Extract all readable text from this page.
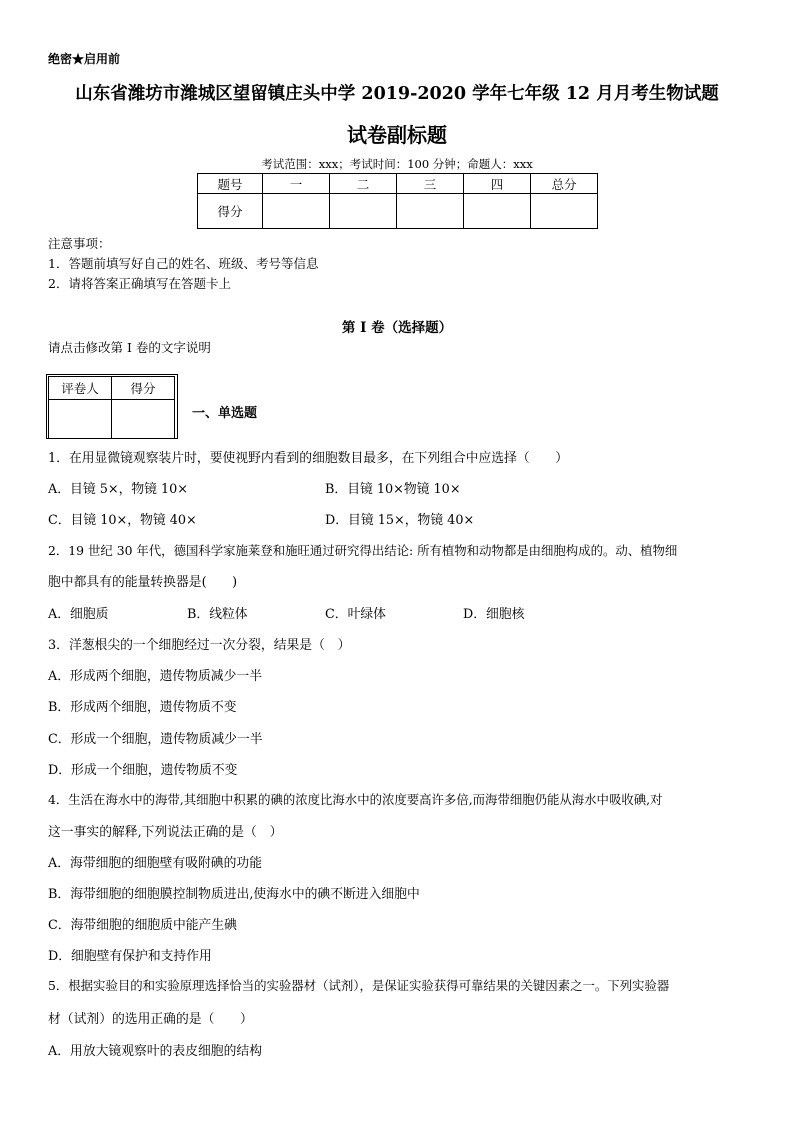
绝密★启用前
山东省潍坊市潍城区望留镇庄头中学 2019-2020 学年七年级 12 月月考生物试题
试卷副标题
考试范围：xxx；考试时间：100 分钟；命题人：xxx
题号	一	二	三	四	总分
得分					
注意事项：
1．答题前填写好自己的姓名、班级、考号等信息
2．请将答案正确填写在答题卡上
第 I 卷（选择题）
请点击修改第 I 卷的文字说明
评卷人	得分

一、单选题
1．在用显微镜观察装片时，要使视野内看到的细胞数目最多，在下列组合中应选择（　　）
A．目镜 5×，物镜 10×	B．目镜 10×物镜 10×
C．目镜 10×，物镜 40×	D．目镜 15×，物镜 40×
2．19 世纪 30 年代，德国科学家施莱登和施旺通过研究得出结论: 所有植物和动物都是由细胞构成的。动、植物细
胞中都具有的能量转换器是(　　)
A．细胞质	B．线粒体	C．叶绿体	D．细胞核
3．洋葱根尖的一个细胞经过一次分裂，结果是（　）
A．形成两个细胞，遗传物质减少一半
B．形成两个细胞，遗传物质不变
C．形成一个细胞，遗传物质减少一半
D．形成一个细胞，遗传物质不变
4．生活在海水中的海带,其细胞中积累的碘的浓度比海水中的浓度要高许多倍,而海带细胞仍能从海水中吸收碘,对
这一事实的解释,下列说法正确的是（　）
A．海带细胞的细胞壁有吸附碘的功能
B．海带细胞的细胞膜控制物质进出,使海水中的碘不断进入细胞中
C．海带细胞的细胞质中能产生碘
D．细胞壁有保护和支持作用
5．根据实验目的和实验原理选择恰当的实验器材（试剂），是保证实验获得可靠结果的关键因素之一。下列实验器
材（试剂）的选用正确的是（　　）
A．用放大镜观察叶的表皮细胞的结构
